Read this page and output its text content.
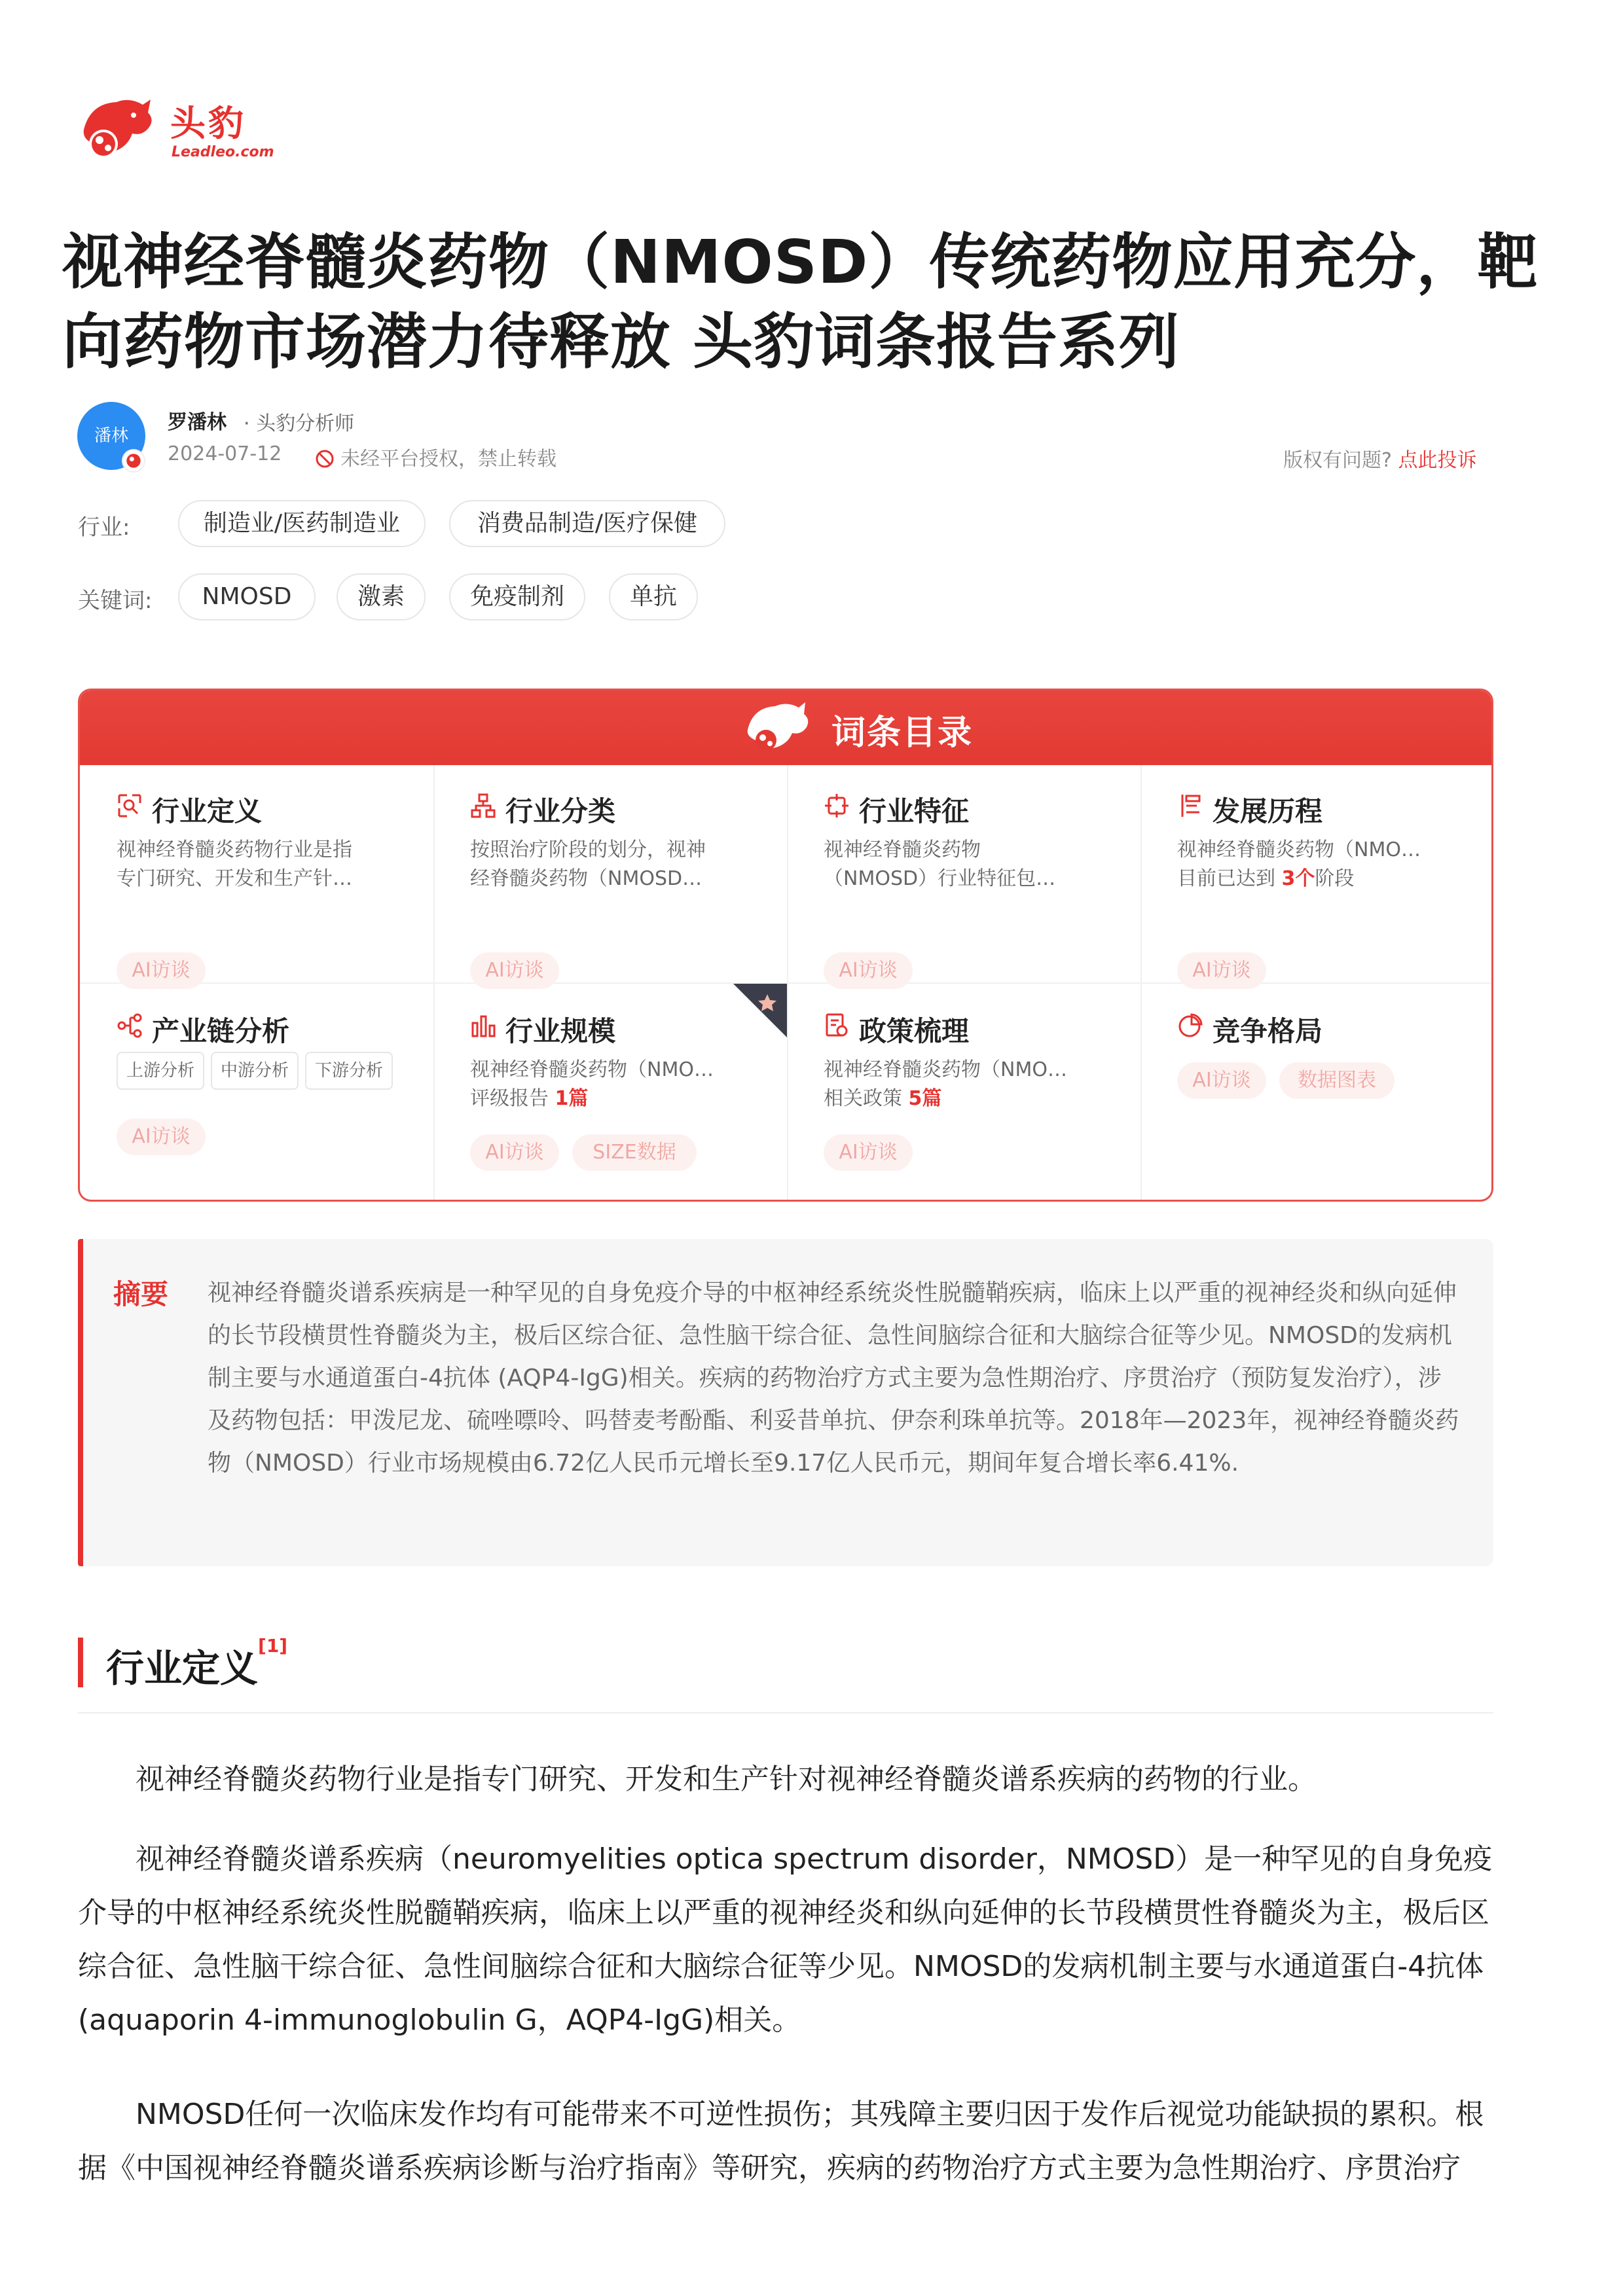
头豹
Leadleo.com
视神经脊髓炎药物（NMOSD）传统药物应用充分，靶向药物市场潜力待释放 头豹词条报告系列
潘林
罗潘林 · 头豹分析师
2024-07-12	未经平台授权，禁止转载	版权有问题? 点此投诉
行业:	制造业/医药制造业	消费品制造/医疗保健
关键词:	NMOSD	激素	免疫制剂	单抗
词条目录
行业定义
视神经脊髓炎药物行业是指
专门研究、开发和生产针…
AI访谈
行业分类
按照治疗阶段的划分，视神
经脊髓炎药物（NMOSD…
AI访谈
行业特征
视神经脊髓炎药物
（NMOSD）行业特征包…
AI访谈
发展历程
视神经脊髓炎药物（NMO…
目前已达到 3个阶段
AI访谈
产业链分析
上游分析	中游分析	下游分析
AI访谈
行业规模
视神经脊髓炎药物（NMO…
评级报告 1篇
AI访谈	SIZE数据
政策梳理
视神经脊髓炎药物（NMO…
相关政策 5篇
AI访谈
竞争格局
AI访谈	数据图表
摘要 视神经脊髓炎谱系疾病是一种罕见的自身免疫介导的中枢神经系统炎性脱髓鞘疾病，临床上以严重的视神经炎和纵向延伸的长节段横贯性脊髓炎为主，极后区综合征、急性脑干综合征、急性间脑综合征和大脑综合征等少见。NMOSD的发病机制主要与水通道蛋白-4抗体 (AQP4-IgG)相关。疾病的药物治疗方式主要为急性期治疗、序贯治疗（预防复发治疗），涉及药物包括：甲泼尼龙、硫唑嘌呤、吗替麦考酚酯、利妥昔单抗、伊奈利珠单抗等。2018年—2023年，视神经脊髓炎药物（NMOSD）行业市场规模由6.72亿人民币元增长至9.17亿人民币元，期间年复合增长率6.41%.
行业定义[1]
视神经脊髓炎药物行业是指专门研究、开发和生产针对视神经脊髓炎谱系疾病的药物的行业。
视神经脊髓炎谱系疾病（neuromyelities optica spectrum disorder，NMOSD）是一种罕见的自身免疫介导的中枢神经系统炎性脱髓鞘疾病，临床上以严重的视神经炎和纵向延伸的长节段横贯性脊髓炎为主，极后区综合征、急性脑干综合征、急性间脑综合征和大脑综合征等少见。NMOSD的发病机制主要与水通道蛋白-4抗体 (aquaporin 4-immunoglobulin G，AQP4-IgG)相关。
NMOSD任何一次临床发作均有可能带来不可逆性损伤；其残障主要归因于发作后视觉功能缺损的累积。根据《中国视神经脊髓炎谱系疾病诊断与治疗指南》等研究，疾病的药物治疗方式主要为急性期治疗、序贯治疗
